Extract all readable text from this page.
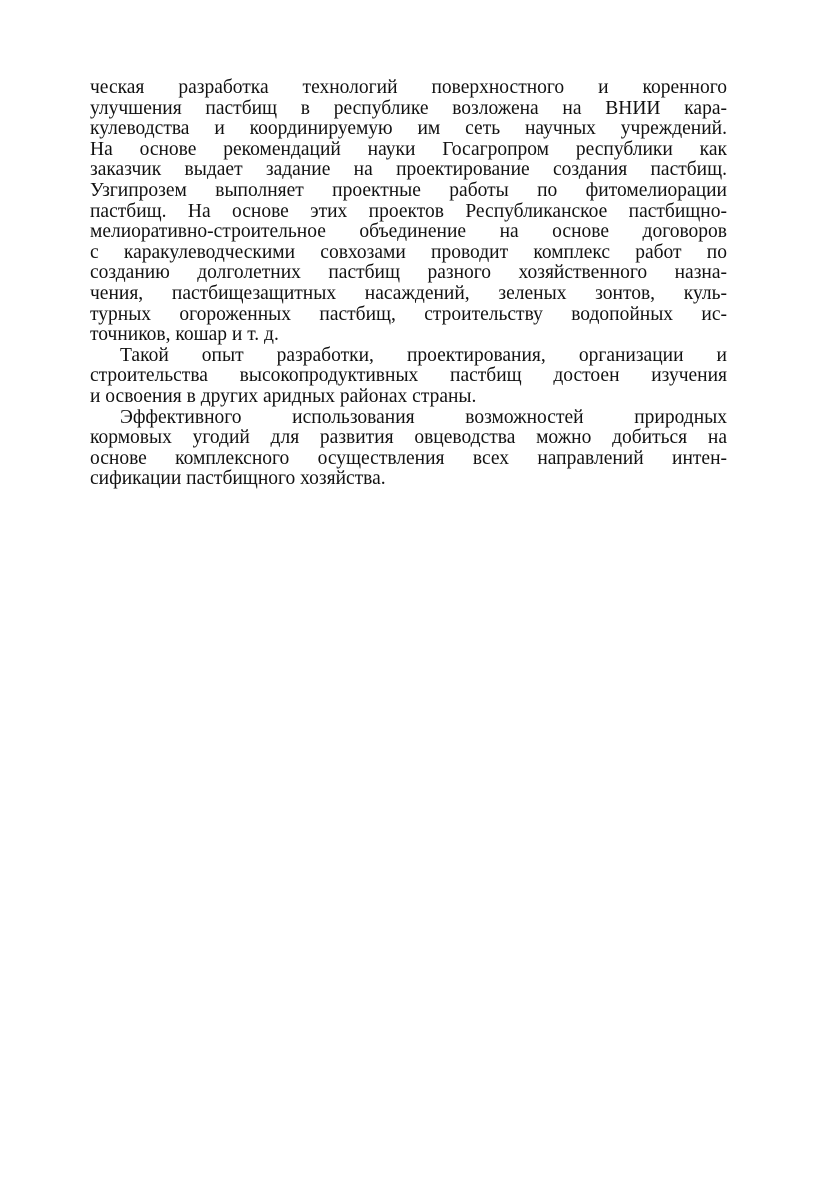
ческая разработка технологий поверхностного и коренного
улучшения пастбищ в республике возложена на ВНИИ кара-
кулеводства и координируемую им сеть научных учреждений.
На основе рекомендаций науки Госагропром республики как
заказчик выдает задание на проектирование создания пастбищ.
Узгипрозем выполняет проектные работы по фитомелиорации
пастбищ. На основе этих проектов Республиканское пастбищно-
мелиоративно-строительное объединение на основе договоров
с каракулеводческими совхозами проводит комплекс работ по
созданию долголетних пастбищ разного хозяйственного назна-
чения, пастбищезащитных насаждений, зеленых зонтов, куль-
турных огороженных пастбищ, строительству водопойных ис-
точников, кошар и т. д.
Такой опыт разработки, проектирования, организации и
строительства высокопродуктивных пастбищ достоен изучения
и освоения в других аридных районах страны.
Эффективного использования возможностей природных
кормовых угодий для развития овцеводства можно добиться на
основе комплексного осуществления всех направлений интен-
сификации пастбищного хозяйства.
